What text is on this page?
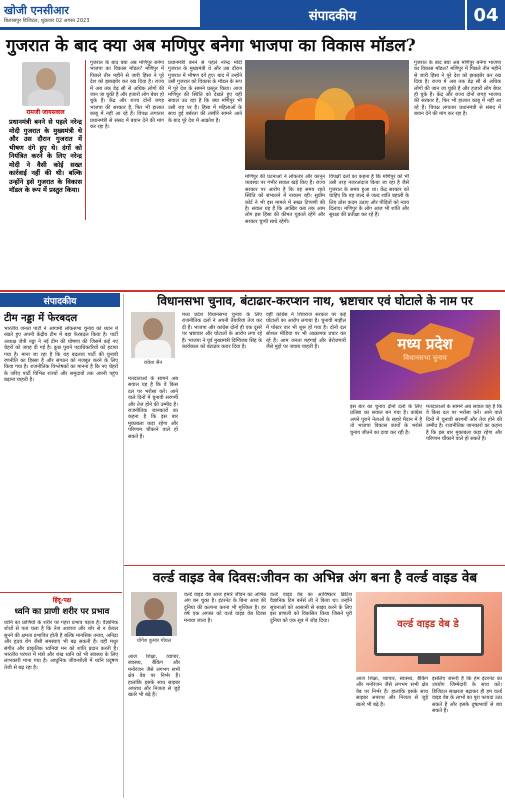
खोजी एनसीआर
बिलासपुर डिजिटल, शुक्रवार 02 अगस्त 2023	संपादकीय	04
गुजरात के बाद क्या अब मणिपुर बनेगा भाजपा का विकास मॉडल?
रामजी जायसवाल
प्रधानमंत्री बनने से पहले नरेन्द्र मोदी गुजरात के मुख्यमंत्री थे और उस दौरान गुजरात में भीषण दंगे हुए थे। दंगों को नियंत्रित करने के लिए नरेन्द्र मोदी ने वैसी कोई सख्त कार्रवाई नहीं की थी। बल्कि उन्होंने इसे गुजरात के विकास मॉडल के रूप में प्रस्तुत किया।
गुजरात के बाद क्या अब मणिपुर बनेगा भाजपा का विकास मॉडल? मणिपुर में पिछले तीन महीने से जारी हिंसा ने पूरे देश को झकझोर कर रख दिया है। राज्य में अब तक डेढ़ सौ से अधिक लोगों की जान जा चुकी है और हजारों लोग बेघर हो चुके हैं। केंद्र और राज्य दोनों जगह भाजपा की सरकार है, फिर भी हालात काबू में नहीं आ रहे हैं। विपक्ष लगातार प्रधानमंत्री से संसद में बयान देने की मांग कर रहा है।
प्रधानमंत्री बनने से पहले नरेन्द्र मोदी गुजरात के मुख्यमंत्री थे और उस दौरान गुजरात में भीषण दंगे हुए। बाद में उन्होंने उसी गुजरात को विकास के मॉडल के रूप में पूरे देश के सामने प्रस्तुत किया। आज मणिपुर की स्थिति को देखते हुए यही सवाल उठ रहा है कि क्या मणिपुर भी उसी राह पर है। हिंसा में महिलाओं के साथ हुई बर्बरता की तस्वीरें सामने आने के बाद पूरे देश में आक्रोश है।
मणिपुर की घटनाओं ने लोकतंत्र और कानून व्यवस्था पर गंभीर सवाल खड़े किए हैं। राज्य सरकार पर आरोप है कि वह समय रहते स्थिति को संभालने में नाकाम रही। सुप्रीम कोर्ट ने भी इस मामले में सख्त टिप्पणी की है। सवाल यह है कि आखिर कब तक आम लोग इस हिंसा की कीमत चुकाते रहेंगे और सरकार चुप्पी साधे रहेगी।
विपक्षी दलों का कहना है कि मणिपुर को भी उसी तरह नजरअंदाज किया जा रहा है जैसे गुजरात के समय हुआ था। केंद्र सरकार को चाहिए कि वह जल्द से जल्द शांति बहाली के लिए ठोस कदम उठाए और पीड़ितों को न्याय दिलाए। मणिपुर के लोग आज भी शांति और सुरक्षा की प्रतीक्षा कर रहे हैं।
गुजरात के बाद क्या अब मणिपुर बनेगा भाजपा का विकास मॉडल? मणिपुर में पिछले तीन महीने से जारी हिंसा ने पूरे देश को झकझोर कर रख दिया है। राज्य में अब तक डेढ़ सौ से अधिक लोगों की जान जा चुकी है और हजारों लोग बेघर हो चुके हैं। केंद्र और राज्य दोनों जगह भाजपा की सरकार है, फिर भी हालात काबू में नहीं आ रहे हैं। विपक्ष लगातार प्रधानमंत्री से संसद में बयान देने की मांग कर रहा है।
संपादकीय
टीम नड्डा में फेरबदल
भारतीय जनता पार्टी ने आगामी लोकसभा चुनाव को ध्यान में रखते हुए अपनी केंद्रीय टीम में बड़ा फेरबदल किया है। पार्टी अध्यक्ष जेपी नड्डा ने नई टीम की घोषणा की जिसमें कई नए चेहरों को जगह दी गई है। कुछ पुराने पदाधिकारियों को हटाया गया है। माना जा रहा है कि यह बदलाव पार्टी की चुनावी रणनीति का हिस्सा है और संगठन को मजबूत करने के लिए किया गया है। राजनीतिक विश्लेषकों का मानना है कि नए चेहरों के जरिए पार्टी विभिन्न राज्यों और समुदायों तक अपनी पहुंच बढ़ाना चाहती है।
विधानसभा चुनाव, बंटाढार-करप्शन नाथ, भ्रष्टाचार एवं घोटाले के नाम पर
राकेश सैन
मध्य प्रदेश विधानसभा चुनाव के लिए राजनीतिक दलों ने अपनी तैयारियां तेज कर दी हैं। भाजपा और कांग्रेस दोनों ही एक दूसरे पर भ्रष्टाचार और घोटालों के आरोप लगा रहे हैं। भाजपा ने पूर्व मुख्यमंत्री दिग्विजय सिंह के कार्यकाल को बंटाढार करार दिया है।
वहीं कांग्रेस ने शिवराज सरकार पर कई घोटालों का आरोप लगाया है। चुनावी माहौल में पोस्टर वार भी शुरू हो गया है। दोनों दल सोशल मीडिया पर भी आक्रामक प्रचार कर रहे हैं। आम जनता महंगाई और बेरोजगारी जैसे मुद्दों पर जवाब चाहती है।	मध्य प्रदेश
विधानसभा चुनाव
इस बार का चुनाव दोनों दलों के लिए प्रतिष्ठा का सवाल बन गया है। कांग्रेस अपने पुराने नेताओं के सहारे मैदान में है तो भाजपा विकास कार्यों के भरोसे चुनाव जीतने का दावा कर रही है।
मतदाताओं के सामने अब सवाल यह है कि वे किस दल पर भरोसा करें। आने वाले दिनों में चुनावी सरगर्मी और तेज होने की उम्मीद है। राजनीतिक जानकारों का कहना है कि इस बार मुकाबला कड़ा रहेगा और परिणाम चौंकाने वाले हो सकते हैं।
मतदाताओं के सामने अब सवाल यह है कि वे किस दल पर भरोसा करें। आने वाले दिनों में चुनावी सरगर्मी और तेज होने की उम्मीद है। राजनीतिक जानकारों का कहना है कि इस बार मुकाबला कड़ा रहेगा और परिणाम चौंकाने वाले हो सकते हैं।
हिंदू-पक्ष
ध्वनि का प्राणी शरीर पर प्रभाव
ध्वनि का प्राणियों के शरीर पर गहरा प्रभाव पड़ता है। वैज्ञानिक शोधों से पता चला है कि तेज आवाज और शोर से न केवल सुनने की क्षमता प्रभावित होती है बल्कि मानसिक तनाव, अनिद्रा और हृदय रोग जैसी समस्याएं भी बढ़ सकती हैं। वहीं मधुर संगीत और प्राकृतिक ध्वनियां मन को शांति प्रदान करती हैं। भारतीय परंपरा में मंत्रों और शंख ध्वनि को भी स्वास्थ्य के लिए लाभकारी माना गया है। आधुनिक जीवनशैली में ध्वनि प्रदूषण तेजी से बढ़ रहा है।
वर्ल्ड वाइड वेब दिवस:जीवन का अभिन्न अंग बना है वर्ल्ड वाइड वेब
योगेश कुमार गोयल
वर्ल्ड वाइड वेब आज हमारे जीवन का अभिन्न अंग बन चुका है। इंटरनेट के बिना आज की दुनिया की कल्पना करना भी मुश्किल है। हर वर्ष एक अगस्त को वर्ल्ड वाइड वेब दिवस मनाया जाता है।
वर्ल्ड वाइड वेब का आविष्कार ब्रिटिश वैज्ञानिक टिम बर्नर्स ली ने किया था। उन्होंने सूचनाओं को आसानी से साझा करने के लिए इस प्रणाली को विकसित किया जिसने पूरी दुनिया को एक सूत्र में जोड़ दिया।	वर्ल्ड वाइड वेब डे
आज शिक्षा, व्यापार, स्वास्थ्य, बैंकिंग और मनोरंजन जैसे लगभग सभी क्षेत्र वेब पर निर्भर हैं। हालांकि इसके साथ साइबर अपराध और निजता से जुड़े खतरे भी बढ़े हैं।
इसलिए जरूरी है कि हम इंटरनेट का उपयोग जिम्मेदारी के साथ करें। डिजिटल साक्षरता बढ़ाकर ही हम वर्ल्ड वाइड वेब के लाभों का पूरा फायदा उठा सकते हैं और इसके दुष्प्रभावों से बच सकते हैं।
आज शिक्षा, व्यापार, स्वास्थ्य, बैंकिंग और मनोरंजन जैसे लगभग सभी क्षेत्र वेब पर निर्भर हैं। हालांकि इसके साथ साइबर अपराध और निजता से जुड़े खतरे भी बढ़े हैं।
